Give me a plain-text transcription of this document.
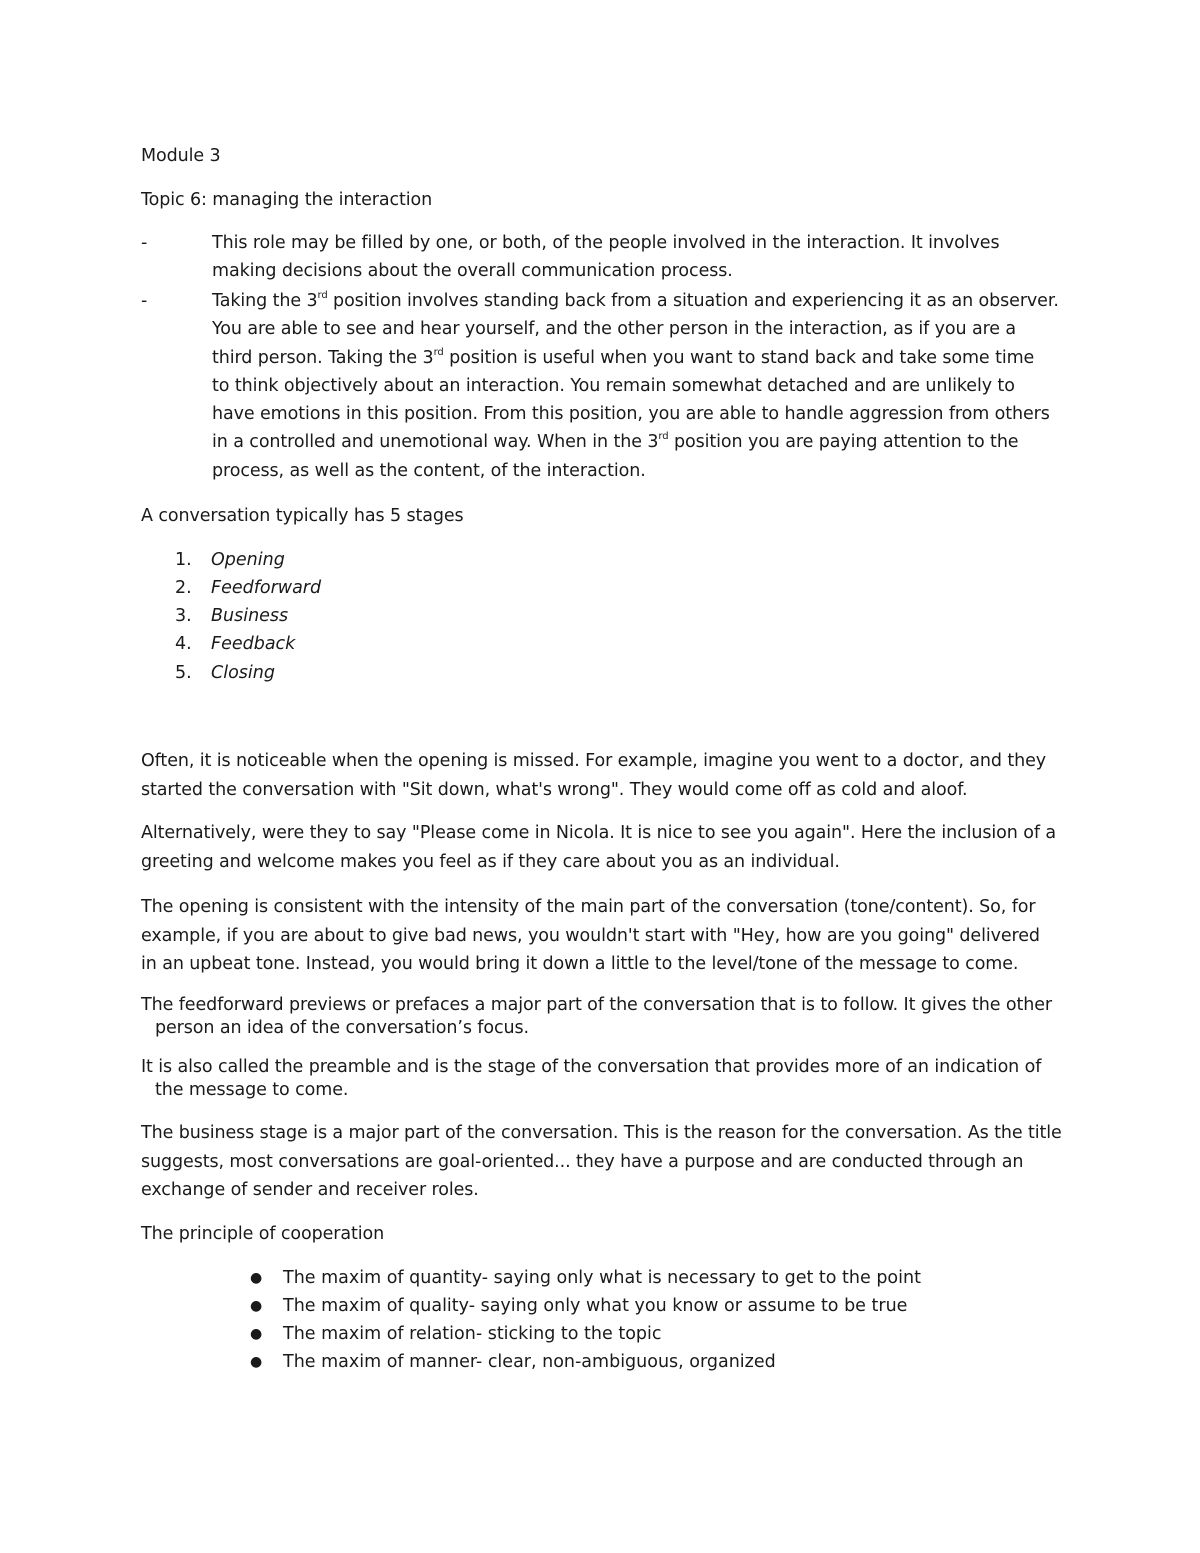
Module 3
Topic 6: managing the interaction
-	This role may be filled by one, or both, of the people involved in the interaction. It involves
making decisions about the overall communication process.
-	Taking the 3rd position involves standing back from a situation and experiencing it as an observer.
You are able to see and hear yourself, and the other person in the interaction, as if you are a
third person. Taking the 3rd position is useful when you want to stand back and take some time
to think objectively about an interaction. You remain somewhat detached and are unlikely to
have emotions in this position. From this position, you are able to handle aggression from others
in a controlled and unemotional way. When in the 3rd position you are paying attention to the
process, as well as the content, of the interaction.
A conversation typically has 5 stages
1. Opening
2. Feedforward
3. Business
4. Feedback
5. Closing
Often, it is noticeable when the opening is missed. For example, imagine you went to a doctor, and they
started the conversation with "Sit down, what's wrong". They would come off as cold and aloof.
Alternatively, were they to say "Please come in Nicola. It is nice to see you again". Here the inclusion of a
greeting and welcome makes you feel as if they care about you as an individual.
The opening is consistent with the intensity of the main part of the conversation (tone/content). So, for
example, if you are about to give bad news, you wouldn't start with "Hey, how are you going" delivered
in an upbeat tone. Instead, you would bring it down a little to the level/tone of the message to come.
The feedforward previews or prefaces a major part of the conversation that is to follow. It gives the other
person an idea of the conversation’s focus.
It is also called the preamble and is the stage of the conversation that provides more of an indication of
the message to come.
The business stage is a major part of the conversation. This is the reason for the conversation. As the title
suggests, most conversations are goal-oriented... they have a purpose and are conducted through an
exchange of sender and receiver roles.
The principle of cooperation
● The maxim of quantity- saying only what is necessary to get to the point
● The maxim of quality- saying only what you know or assume to be true
● The maxim of relation- sticking to the topic
● The maxim of manner- clear, non-ambiguous, organized
